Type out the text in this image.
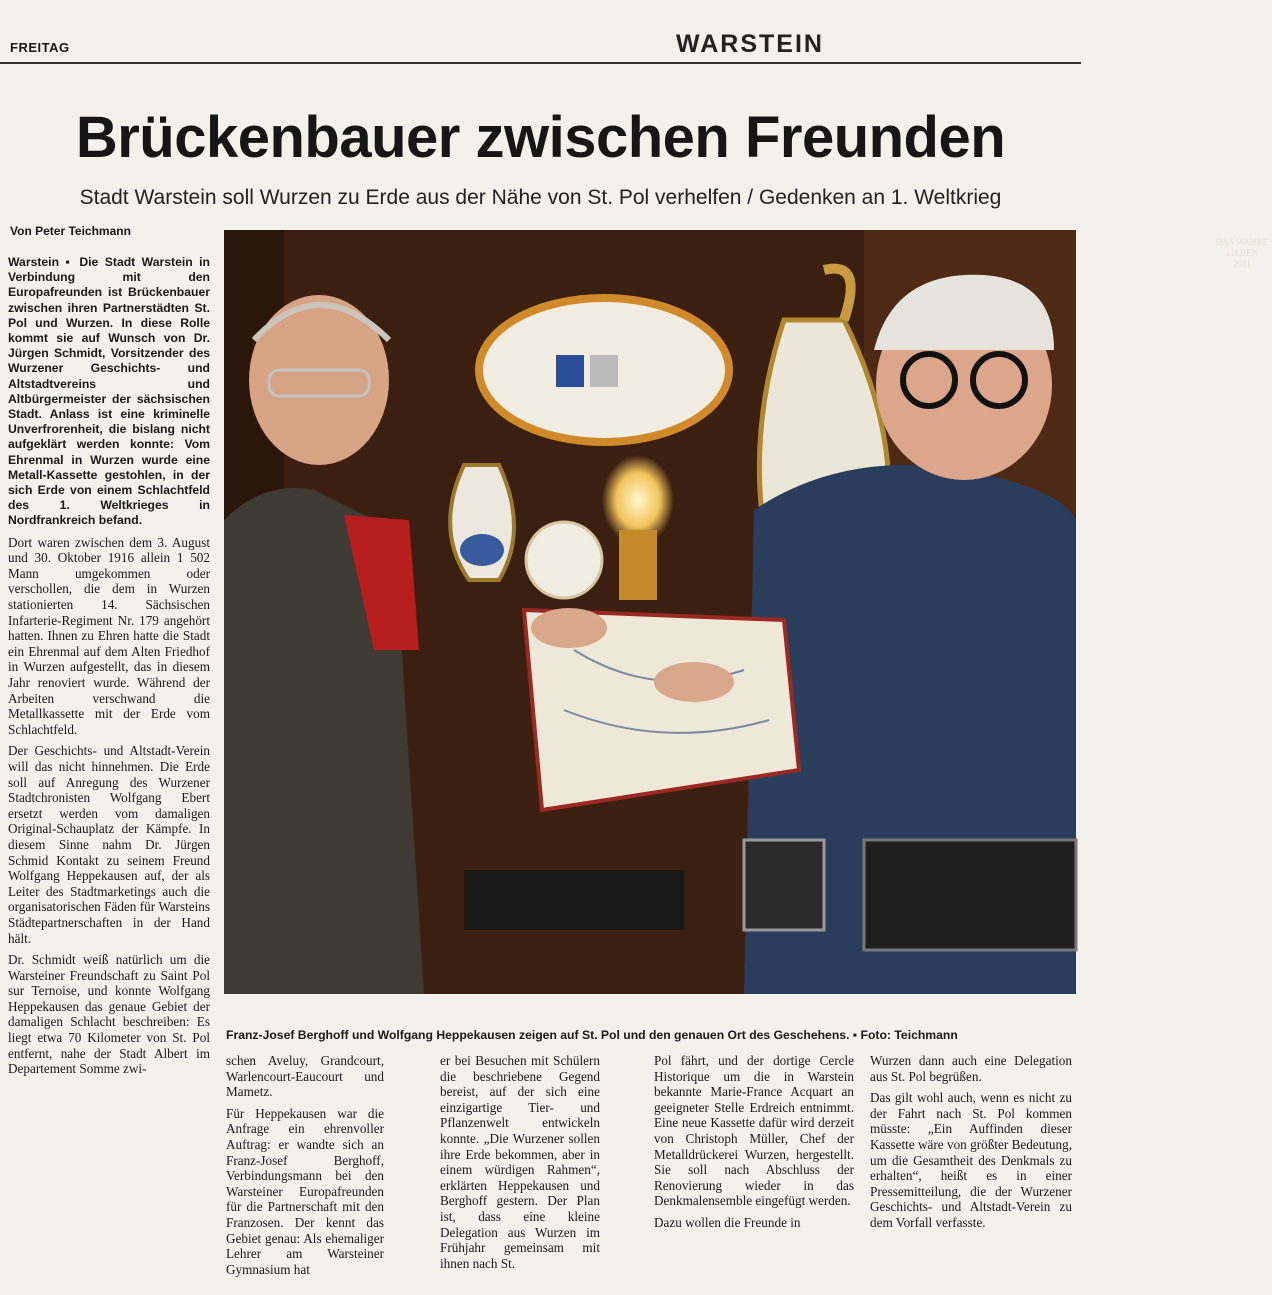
FREITAG	WARSTEIN
Brückenbauer zwischen Freunden
Stadt Warstein soll Wurzen zu Erde aus der Nähe von St. Pol verhelfen / Gedenken an 1. Weltkrieg
Von Peter Teichmann

Warstein ▪ Die Stadt Warstein in Verbindung mit den Europafreunden ist Brückenbauer zwischen ihren Partnerstädten St. Pol und Wurzen. In diese Rolle kommt sie auf Wunsch von Dr. Jürgen Schmidt, Vorsitzender des Wurzener Geschichts- und Altstadtvereins und Altbürgermeister der sächsischen Stadt. Anlass ist eine kriminelle Unverfrorenheit, die bislang nicht aufgeklärt werden konnte: Vom Ehrenmal in Wurzen wurde eine Metall-Kassette gestohlen, in der sich Erde von einem Schlachtfeld des 1. Weltkrieges in Nordfrankreich befand.

Dort waren zwischen dem 3. August und 30. Oktober 1916 allein 1 502 Mann umgekommen oder verschollen, die dem in Wurzen stationierten 14. Sächsischen Infarterie-Regiment Nr. 179 angehört hatten. Ihnen zu Ehren hatte die Stadt ein Ehrenmal auf dem Alten Friedhof in Wurzen aufgestellt, das in diesem Jahr renoviert wurde. Während der Arbeiten verschwand die Metallkassette mit der Erde vom Schlachtfeld.

Der Geschichts- und Altstadt-Verein will das nicht hinnehmen. Die Erde soll auf Anregung des Wurzener Stadtchronisten Wolfgang Ebert ersetzt werden vom damaligen Original-Schauplatz der Kämpfe. In diesem Sinne nahm Dr. Jürgen Schmid Kontakt zu seinem Freund Wolfgang Heppekausen auf, der als Leiter des Stadtmarketings auch die organisatorischen Fäden für Warsteins Städtepartnerschaften in der Hand hält.

Dr. Schmidt weiß natürlich um die Warsteiner Freundschaft zu Saint Pol sur Ternoise, und konnte Wolfgang Heppekausen das genaue Gebiet der damaligen Schlacht beschreiben: Es liegt etwa 70 Kilometer von St. Pol entfernt, nahe der Stadt Albert im Departement Somme zwi-

DAS WAHRE
LIEBEN
2011
Franz-Josef Berghoff und Wolfgang Heppekausen zeigen auf St. Pol und den genauen Ort des Geschehens. ▪ Foto: Teichmann

schen Aveluy, Grandcourt, Warlencourt-Eaucourt und Mametz.

Für Heppekausen war die Anfrage ein ehrenvoller Auftrag: er wandte sich an Franz-Josef Berghoff, Verbindungsmann bei den Warsteiner Europafreunden für die Partnerschaft mit den Franzosen. Der kennt das Gebiet genau: Als ehemaliger Lehrer am Warsteiner Gymnasium hat

er bei Besuchen mit Schülern die beschriebene Gegend bereist, auf der sich eine einzigartige Tier- und Pflanzenwelt entwickeln konnte. „Die Wurzener sollen ihre Erde bekommen, aber in einem würdigen Rahmen“, erklärten Heppekausen und Berghoff gestern. Der Plan ist, dass eine kleine Delegation aus Wurzen im Frühjahr gemeinsam mit ihnen nach St.

Pol fährt, und der dortige Cercle Historique um die in Warstein bekannte Marie-France Acquart an geeigneter Stelle Erdreich entnimmt. Eine neue Kassette dafür wird derzeit von Christoph Müller, Chef der Metalldrückerei Wurzen, hergestellt. Sie soll nach Abschluss der Renovierung wieder in das Denkmalensemble eingefügt werden.

Dazu wollen die Freunde in

Wurzen dann auch eine Delegation aus St. Pol begrüßen.

Das gilt wohl auch, wenn es nicht zu der Fahrt nach St. Pol kommen müsste: „Ein Auffinden dieser Kassette wäre von größter Bedeutung, um die Gesamtheit des Denkmals zu erhalten“, heißt es in einer Pressemitteilung, die der Wurzener Geschichts- und Altstadt-Verein zu dem Vorfall verfasste.
